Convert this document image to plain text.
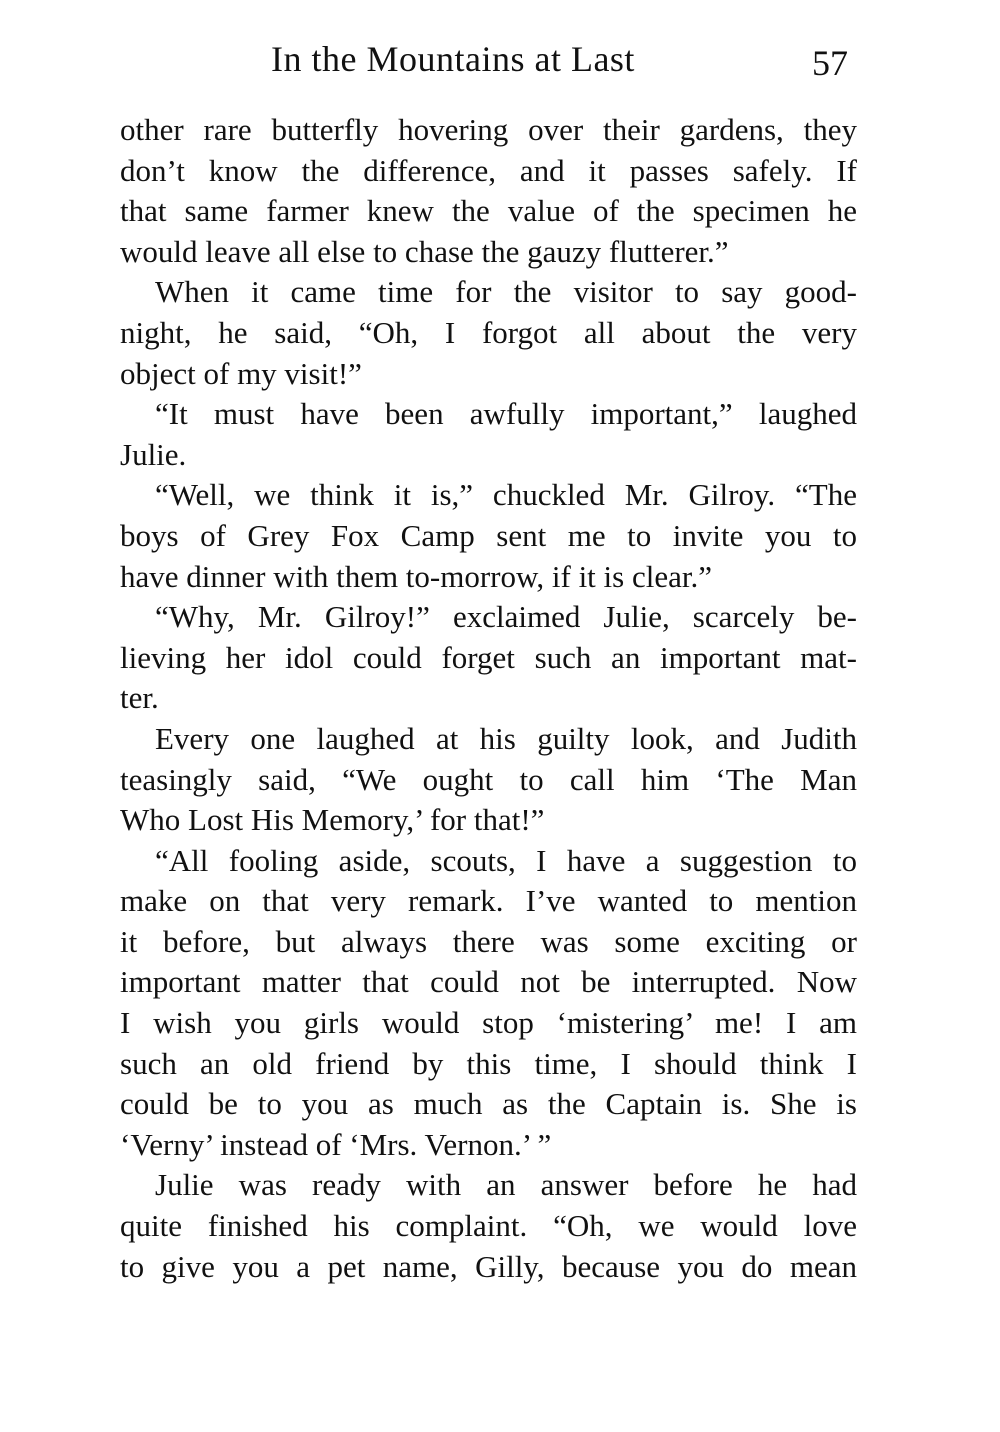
In the Mountains at Last	57
other rare butterfly hovering over their gardens, they
don’t know the difference, and it passes safely. If
that same farmer knew the value of the specimen he
would leave all else to chase the gauzy flutterer.”
When it came time for the visitor to say good-
night, he said, “Oh, I forgot all about the very
object of my visit!”
“It must have been awfully important,” laughed
Julie.
“Well, we think it is,” chuckled Mr. Gilroy. “The
boys of Grey Fox Camp sent me to invite you to
have dinner with them to-morrow, if it is clear.”
“Why, Mr. Gilroy!” exclaimed Julie, scarcely be-
lieving her idol could forget such an important mat-
ter.
Every one laughed at his guilty look, and Judith
teasingly said, “We ought to call him ‘The Man
Who Lost His Memory,’ for that!”
“All fooling aside, scouts, I have a suggestion to
make on that very remark. I’ve wanted to mention
it before, but always there was some exciting or
important matter that could not be interrupted. Now
I wish you girls would stop ‘mistering’ me! I am
such an old friend by this time, I should think I
could be to you as much as the Captain is. She is
‘Verny’ instead of ‘Mrs. Vernon.’ ”
Julie was ready with an answer before he had
quite finished his complaint. “Oh, we would love
to give you a pet name, Gilly, because you do mean
